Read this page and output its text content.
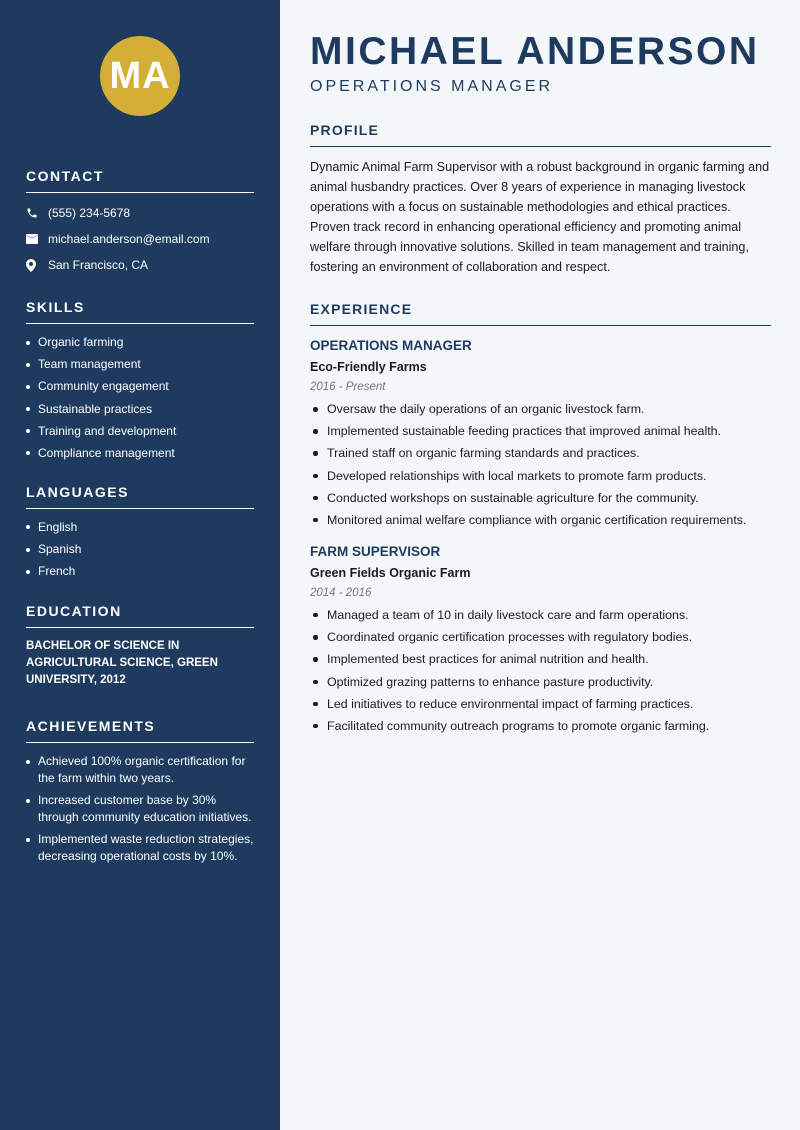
MA
CONTACT
(555) 234-5678
michael.anderson@email.com
San Francisco, CA
SKILLS
Organic farming
Team management
Community engagement
Sustainable practices
Training and development
Compliance management
LANGUAGES
English
Spanish
French
EDUCATION

BACHELOR OF SCIENCE IN AGRICULTURAL SCIENCE, GREEN UNIVERSITY, 2012

ACHIEVEMENTS
Achieved 100% organic certification for the farm within two years.
Increased customer base by 30% through community education initiatives.
Implemented waste reduction strategies, decreasing operational costs by 10%.
MICHAEL ANDERSON
OPERATIONS MANAGER
PROFILE

Dynamic Animal Farm Supervisor with a robust background in organic farming and animal husbandry practices. Over 8 years of experience in managing livestock operations with a focus on sustainable methodologies and ethical practices. Proven track record in enhancing operational efficiency and promoting animal welfare through innovative solutions. Skilled in team management and training, fostering an environment of collaboration and respect.

EXPERIENCE
OPERATIONS MANAGER
Eco-Friendly Farms
2016 - Present
Oversaw the daily operations of an organic livestock farm.
Implemented sustainable feeding practices that improved animal health.
Trained staff on organic farming standards and practices.
Developed relationships with local markets to promote farm products.
Conducted workshops on sustainable agriculture for the community.
Monitored animal welfare compliance with organic certification requirements.
FARM SUPERVISOR
Green Fields Organic Farm
2014 - 2016
Managed a team of 10 in daily livestock care and farm operations.
Coordinated organic certification processes with regulatory bodies.
Implemented best practices for animal nutrition and health.
Optimized grazing patterns to enhance pasture productivity.
Led initiatives to reduce environmental impact of farming practices.
Facilitated community outreach programs to promote organic farming.
